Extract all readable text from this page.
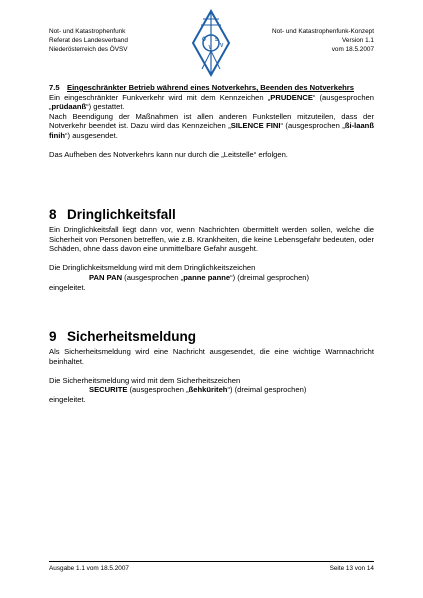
Not- und Katastrophenfunk
Referat des Landesverband
Niederösterreich des ÖVSV
Ö
V
S
V
Not- und Katastrophenfunk-Konzept
Version 1.1
vom 18.5.2007
7.5 Eingeschränkter Betrieb während eines Notverkehrs, Beenden des Notverkehrs

Ein eingeschränkter Funkverkehr wird mit dem Kennzeichen „PRUDENCE“ (ausgesprochen „prüdaanß“) gestattet.

Nach Beendigung der Maßnahmen ist allen anderen Funkstellen mitzuteilen, dass der Notverkehr beendet ist. Dazu wird das Kennzeichen „SILENCE FINI“ (ausgesprochen „ßi-laanß finih“) ausgesendet.

Das Aufheben des Notverkehrs kann nur durch die „Leitstelle“ erfolgen.

8 Dringlichkeitsfall

Ein Dringlichkeitsfall liegt dann vor, wenn Nachrichten übermittelt werden sollen, welche die Sicherheit von Personen betreffen, wie z.B. Krankheiten, die keine Lebensgefahr bedeuten, oder Schäden, ohne dass davon eine unmittelbare Gefahr ausgeht.

Die Dringlichkeitsmeldung wird mit dem Dringlichkeitszeichen

PAN PAN (ausgesprochen „panne panne“) (dreimal gesprochen)

eingeleitet.

9 Sicherheitsmeldung

Als Sicherheitsmeldung wird eine Nachricht ausgesendet, die eine wichtige Warnnachricht beinhaltet.

Die Sicherheitsmeldung wird mit dem Sicherheitszeichen

SECURITE (ausgesprochen „ßehküriteh“) (dreimal gesprochen)

eingeleitet.

Ausgabe 1.1 vom 18.5.2007	Seite 13 von 14
